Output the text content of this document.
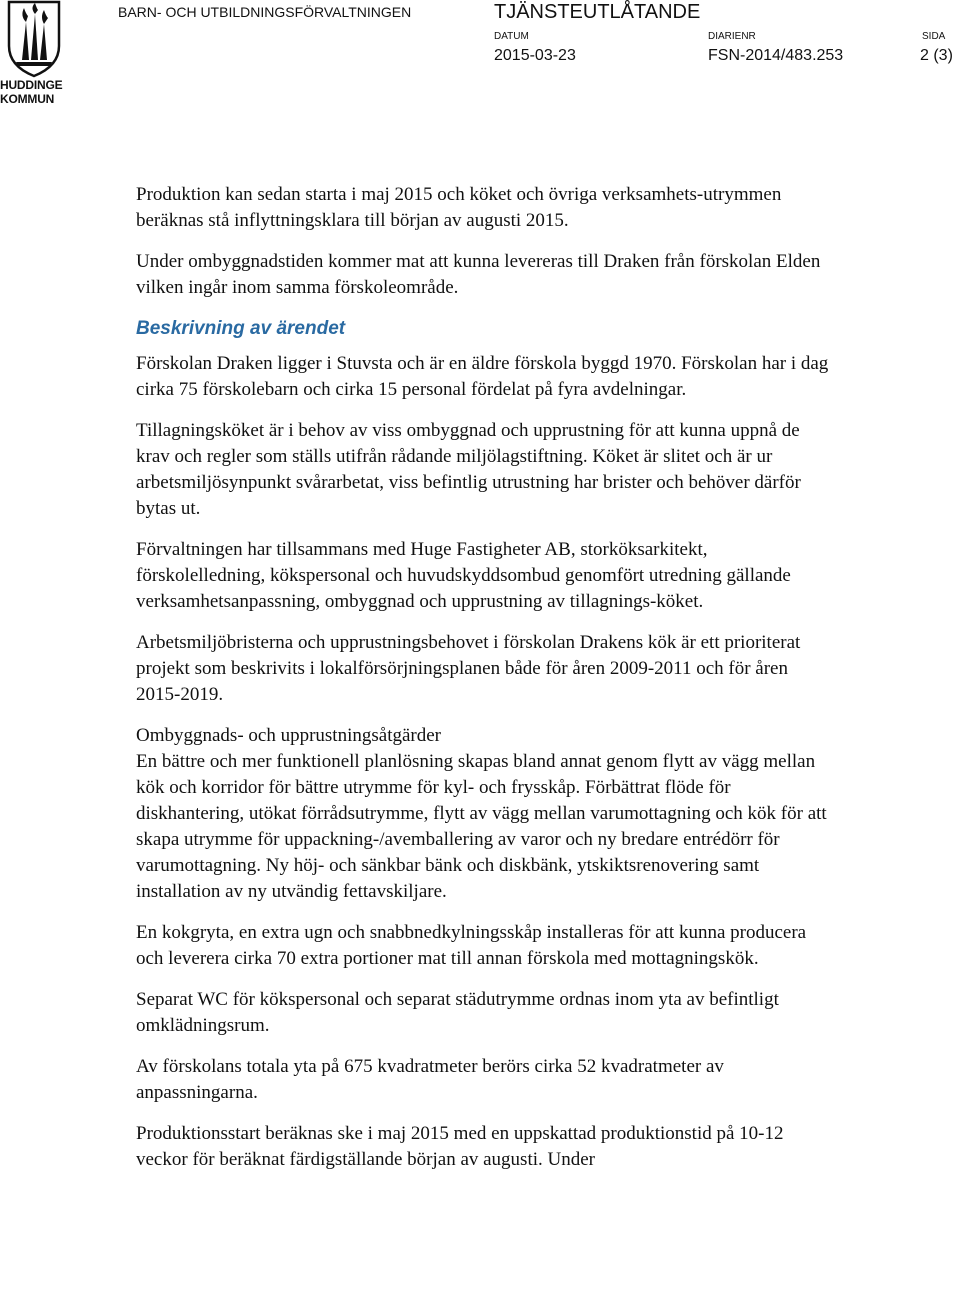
HUDDINGE
KOMMUN
BARN- OCH UTBILDNINGSFÖRVALTNINGEN	TJÄNSTEUTLÅTANDE
DATUM	DIARIENR	SIDA
2015-03-23	FSN-2014/483.253	2 (3)

Produktion kan sedan starta i maj 2015 och köket och övriga verksamhets-utrymmen beräknas stå inflyttningsklara till början av augusti 2015.

Under ombyggnadstiden kommer mat att kunna levereras till Draken från förskolan Elden vilken ingår inom samma förskoleområde.

Beskrivning av ärendet

Förskolan Draken ligger i Stuvsta och är en äldre förskola byggd 1970. Förskolan har i dag cirka 75 förskolebarn och cirka 15 personal fördelat på fyra avdelningar.

Tillagningsköket är i behov av viss ombyggnad och upprustning för att kunna uppnå de krav och regler som ställs utifrån rådande miljölagstiftning. Köket är slitet och är ur arbetsmiljösynpunkt svårarbetat, viss befintlig utrustning har brister och behöver därför bytas ut.

Förvaltningen har tillsammans med Huge Fastigheter AB, storköksarkitekt, förskolelledning, kökspersonal och huvudskyddsombud genomfört utredning gällande verksamhetsanpassning, ombyggnad och upprustning av tillagnings-köket.

Arbetsmiljöbristerna och upprustningsbehovet i förskolan Drakens kök är ett prioriterat projekt som beskrivits i lokalförsörjningsplanen både för åren 2009-2011 och för åren 2015-2019.

Ombyggnads- och upprustningsåtgärder

En bättre och mer funktionell planlösning skapas bland annat genom flytt av vägg mellan kök och korridor för bättre utrymme för kyl- och frysskåp. Förbättrat flöde för diskhantering, utökat förrådsutrymme, flytt av vägg mellan varumottagning och kök för att skapa utrymme för uppackning-/avemballering av varor och ny bredare entrédörr för varumottagning. Ny höj- och sänkbar bänk och diskbänk, ytskiktsrenovering samt installation av ny utvändig fettavskiljare.

En kokgryta, en extra ugn och snabbnedkylningsskåp installeras för att kunna producera och leverera cirka 70 extra portioner mat till annan förskola med mottagningskök.

Separat WC för kökspersonal och separat städutrymme ordnas inom yta av befintligt omklädningsrum.

Av förskolans totala yta på 675 kvadratmeter berörs cirka 52 kvadratmeter av anpassningarna.

Produktionsstart beräknas ske i maj 2015 med en uppskattad produktionstid på 10-12 veckor för beräknat färdigställande början av augusti. Under
